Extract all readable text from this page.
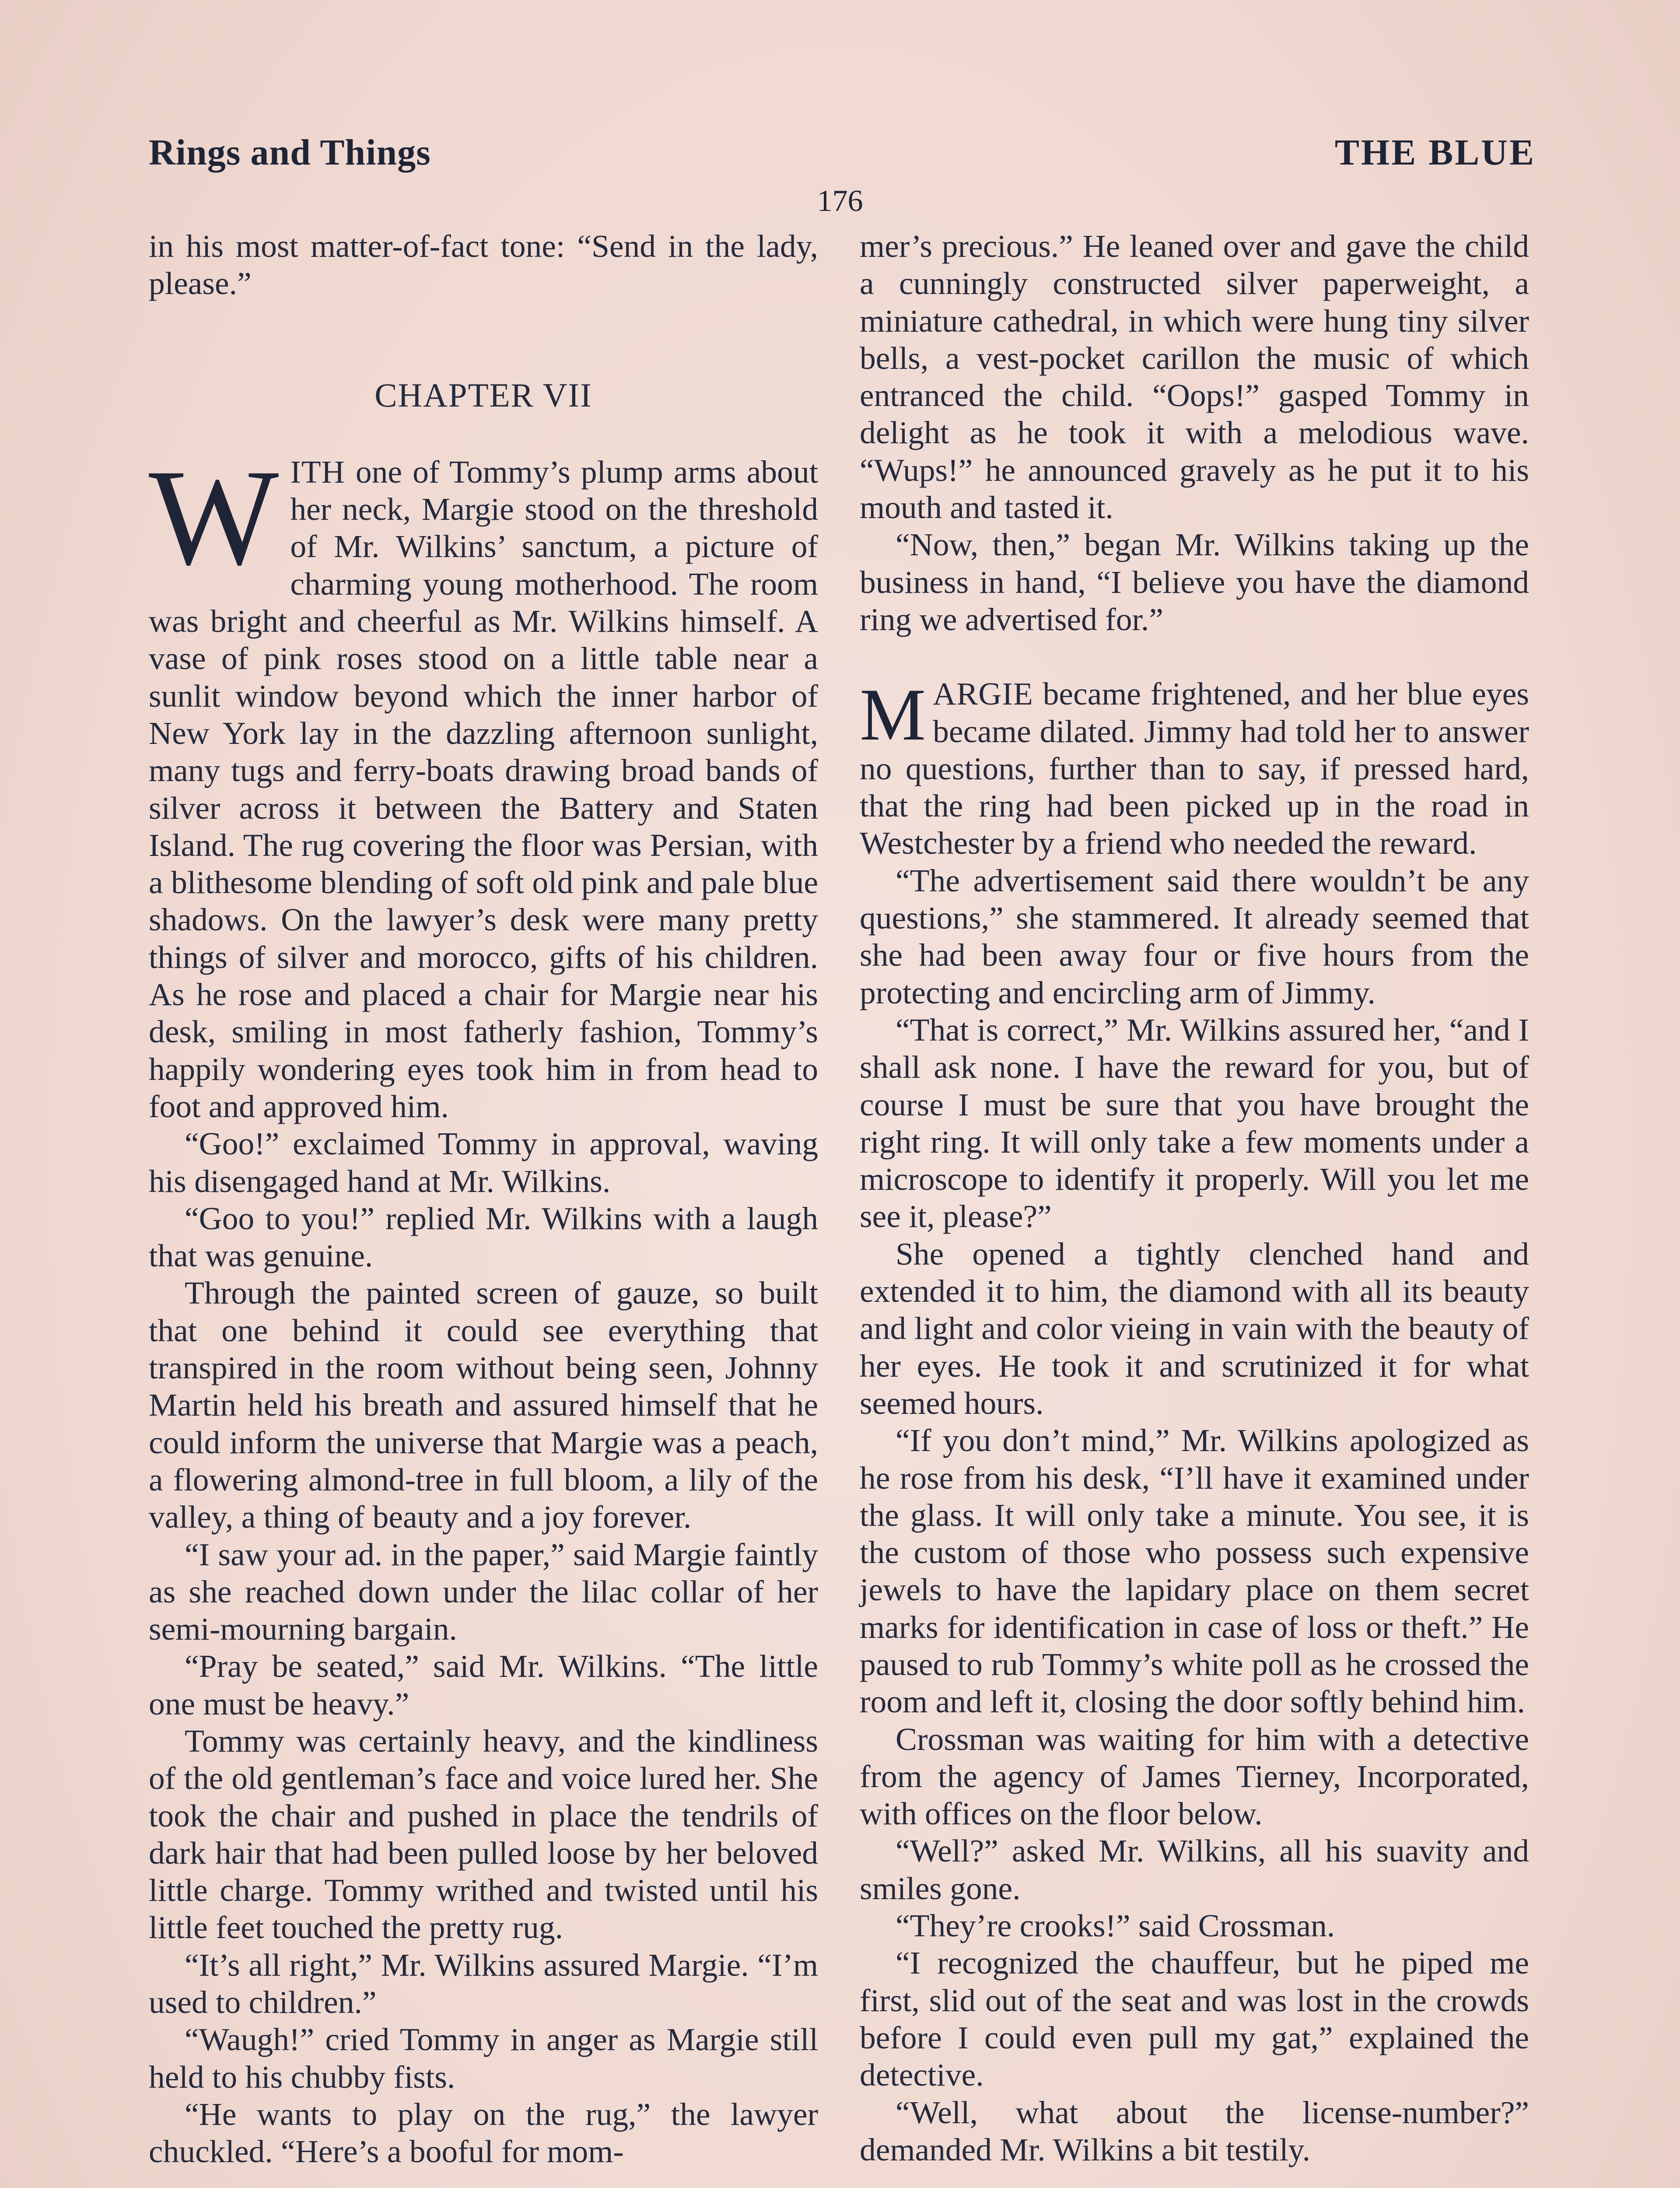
Rings and Things	THE BLUE
176

in his most matter-of-fact tone: “Send in the lady, please.”

CHAPTER VII

WITH one of Tommy’s plump arms about her neck, Margie stood on the threshold of Mr. Wilkins’ sanctum, a picture of charming young motherhood. The room was bright and cheerful as Mr. Wilkins himself. A vase of pink roses stood on a little table near a sunlit window beyond which the inner harbor of New York lay in the dazzling afternoon sunlight, many tugs and ferry-boats drawing broad bands of silver across it between the Battery and Staten Island. The rug covering the floor was Persian, with a blithesome blending of soft old pink and pale blue shadows. On the lawyer’s desk were many pretty things of silver and morocco, gifts of his children. As he rose and placed a chair for Margie near his desk, smiling in most fatherly fashion, Tommy’s happily wondering eyes took him in from head to foot and approved him.

“Goo!” exclaimed Tommy in approval, waving his disengaged hand at Mr. Wilkins.

“Goo to you!” replied Mr. Wilkins with a laugh that was genuine.

Through the painted screen of gauze, so built that one behind it could see everything that transpired in the room without being seen, Johnny Martin held his breath and assured himself that he could inform the universe that Margie was a peach, a flowering almond-tree in full bloom, a lily of the valley, a thing of beauty and a joy forever.

“I saw your ad. in the paper,” said Margie faintly as she reached down under the lilac collar of her semi-mourning bargain.

“Pray be seated,” said Mr. Wilkins. “The little one must be heavy.”

Tommy was certainly heavy, and the kindliness of the old gentleman’s face and voice lured her. She took the chair and pushed in place the tendrils of dark hair that had been pulled loose by her beloved little charge. Tommy writhed and twisted until his little feet touched the pretty rug.

“It’s all right,” Mr. Wilkins assured Margie. “I’m used to children.”

“Waugh!” cried Tommy in anger as Margie still held to his chubby fists.

“He wants to play on the rug,” the lawyer chuckled. “Here’s a booful for mom-

mer’s precious.” He leaned over and gave the child a cunningly constructed silver paperweight, a miniature cathedral, in which were hung tiny silver bells, a vest-pocket carillon the music of which entranced the child. “Oops!” gasped Tommy in delight as he took it with a melodious wave. “Wups!” he announced gravely as he put it to his mouth and tasted it.

“Now, then,” began Mr. Wilkins taking up the business in hand, “I believe you have the diamond ring we advertised for.”

MARGIE became frightened, and her blue eyes became dilated. Jimmy had told her to answer no questions, further than to say, if pressed hard, that the ring had been picked up in the road in Westchester by a friend who needed the reward.

“The advertisement said there wouldn’t be any questions,” she stammered. It already seemed that she had been away four or five hours from the protecting and encircling arm of Jimmy.

“That is correct,” Mr. Wilkins assured her, “and I shall ask none. I have the reward for you, but of course I must be sure that you have brought the right ring. It will only take a few moments under a microscope to identify it properly. Will you let me see it, please?”

She opened a tightly clenched hand and extended it to him, the diamond with all its beauty and light and color vieing in vain with the beauty of her eyes. He took it and scrutinized it for what seemed hours.

“If you don’t mind,” Mr. Wilkins apologized as he rose from his desk, “I’ll have it examined under the glass. It will only take a minute. You see, it is the custom of those who possess such expensive jewels to have the lapidary place on them secret marks for identification in case of loss or theft.” He paused to rub Tommy’s white poll as he crossed the room and left it, closing the door softly behind him.

Crossman was waiting for him with a detective from the agency of James Tierney, Incorporated, with offices on the floor below.

“Well?” asked Mr. Wilkins, all his suavity and smiles gone.

“They’re crooks!” said Crossman.

“I recognized the chauffeur, but he piped me first, slid out of the seat and was lost in the crowds before I could even pull my gat,” explained the detective.

“Well, what about the license-number?” demanded Mr. Wilkins a bit testily.
